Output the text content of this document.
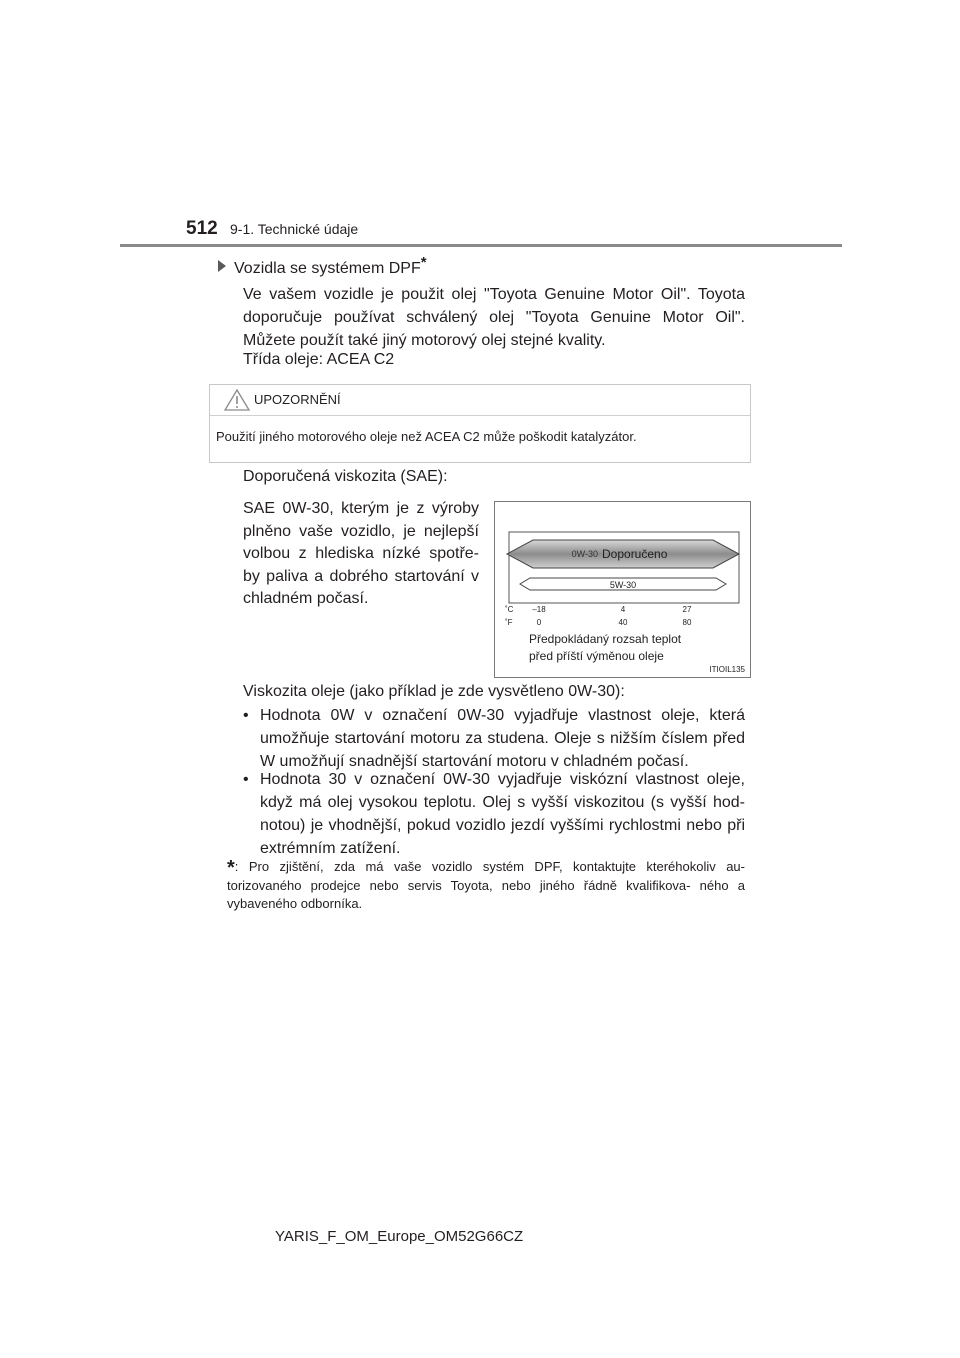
512 9-1. Technické údaje
Vozidla se systémem DPF*
Ve vašem vozidle je použit olej "Toyota Genuine Motor Oil". Toyota doporučuje používat schválený olej "Toyota Genuine Motor Oil". Můžete použít také jiný motorový olej stejné kvality.
Třída oleje: ACEA C2
UPOZORNĚNÍ
Použití jiného motorového oleje než ACEA C2 může poškodit katalyzátor.
Doporučená viskozita (SAE):
SAE 0W-30, kterým je z výroby plněno vaše vozidlo, je nejlepší volbou z hlediska nízké spotře- by paliva a dobrého startování v chladném počasí.
0W-30 Doporučeno
5W-30
˚C
˚F
–18	4	27
0	40	80
Předpokládaný rozsah teplot
před příští výměnou oleje
ITIOIL135
Viskozita oleje (jako příklad je zde vysvětleno 0W-30):
• Hodnota 0W v označení 0W-30 vyjadřuje vlastnost oleje, která umožňuje startování motoru za studena. Oleje s nižším číslem před W umožňují snadnější startování motoru v chladném počasí.
• Hodnota 30 v označení 0W-30 vyjadřuje viskózní vlastnost oleje, když má olej vysokou teplotu. Olej s vyšší viskozitou (s vyšší hod- notou) je vhodnější, pokud vozidlo jezdí vyššími rychlostmi nebo při extrémním zatížení.
*: Pro zjištění, zda má vaše vozidlo systém DPF, kontaktujte kteréhokoliv au- torizovaného prodejce nebo servis Toyota, nebo jiného řádně kvalifikova- ného a vybaveného odborníka.
YARIS_F_OM_Europe_OM52G66CZ
